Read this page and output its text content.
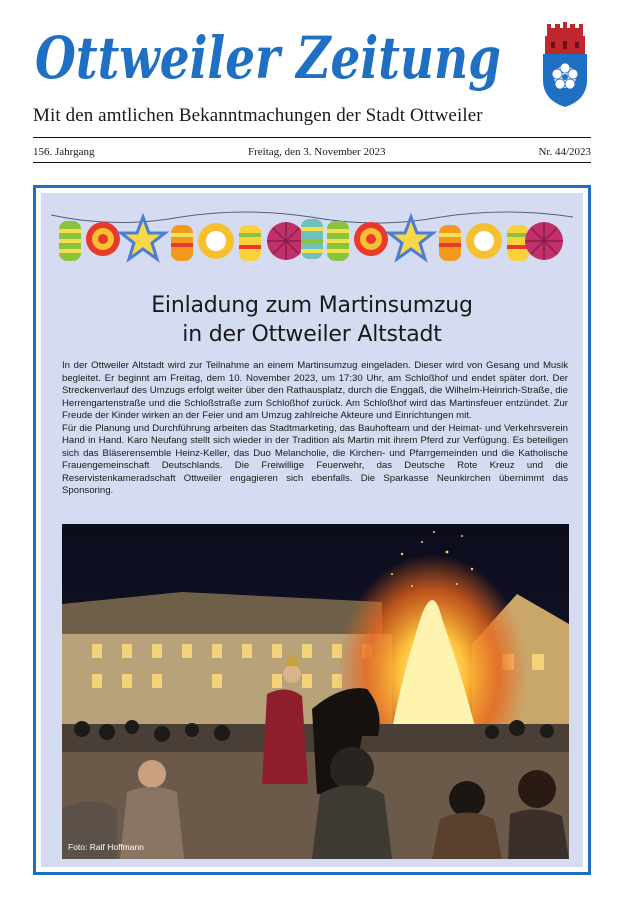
Ottweiler Zeitung
Mit den amtlichen Bekanntmachungen der Stadt Ottweiler
156. Jahrgang	Freitag, den 3. November 2023	Nr. 44/2023
Einladung zum Martinsumzug
in der Ottweiler Altstadt

In der Ottweiler Altstadt wird zur Teilnahme an einem Martinsumzug eingeladen. Dieser wird von Gesang und Musik begleitet. Er beginnt am Freitag, dem 10. November 2023, um 17:30 Uhr, am Schloßhof und endet später dort. Der Streckenverlauf des Umzugs erfolgt weiter über den Rathausplatz, durch die Enggaß, die Wilhelm-Heinrich-Straße, die Herrengartenstraße und die Schloßstraße zum Schloßhof zurück. Am Schloßhof wird das Martinsfeuer entzündet. Zur Freude der Kinder wirken an der Feier und am Umzug zahlreiche Akteure und Einrichtungen mit.

Für die Planung und Durchführung arbeiten das Stadtmarketing, das Bauhofteam und der Heimat- und Verkehrsverein Hand in Hand. Karo Neufang stellt sich wieder in der Tradition als Martin mit ihrem Pferd zur Verfügung. Es beteiligen sich das Bläserensemble Heinz-Keller, das Duo Melancholie, die Kirchen- und Pfarrgemeinden und die Katholische Frauengemeinschaft Deutschlands. Die Freiwillige Feuerwehr, das Deutsche Rote Kreuz und die Reservistenkameradschaft Ottweiler engagieren sich ebenfalls. Die Sparkasse Neunkirchen übernimmt das Sponsoring.

Foto: Ralf Hoffmann
